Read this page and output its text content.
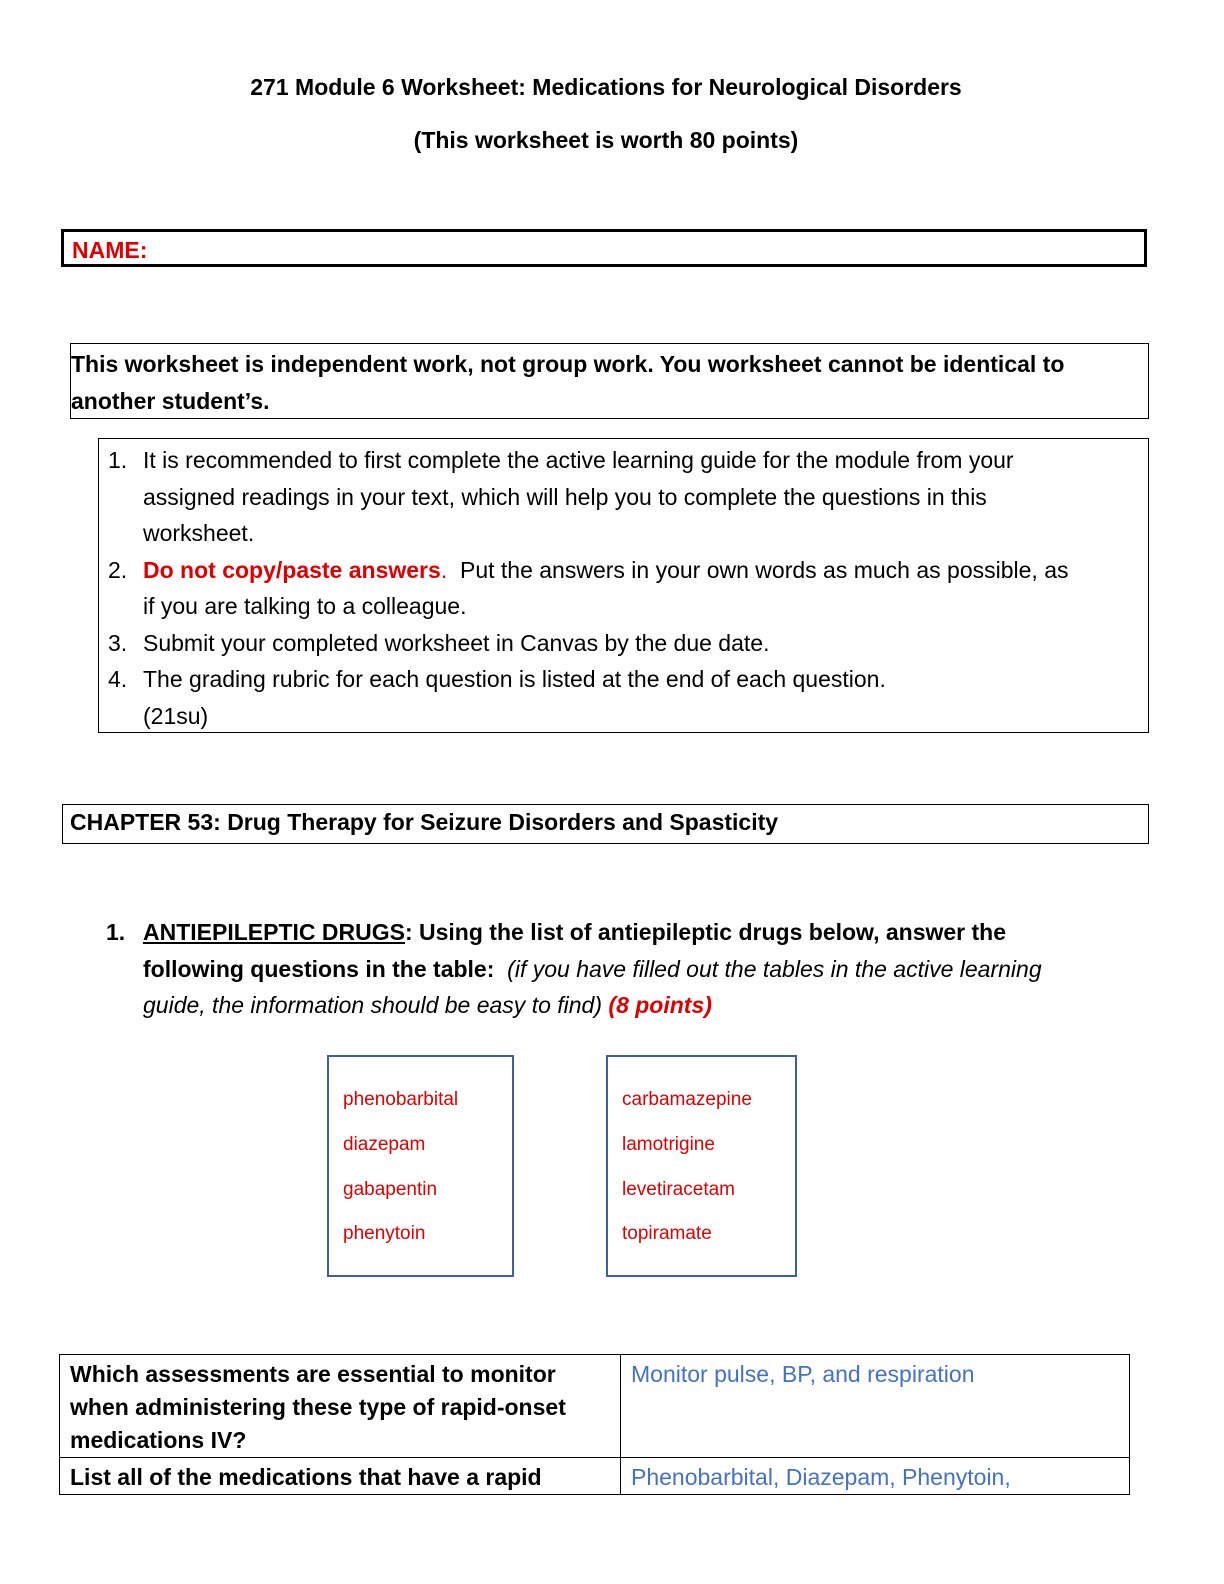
271 Module 6 Worksheet: Medications for Neurological Disorders
(This worksheet is worth 80 points)
NAME:
This worksheet is independent work, not group work. You worksheet cannot be identical to
another student’s.
1. It is recommended to first complete the active learning guide for the module from your
assigned readings in your text, which will help you to complete the questions in this
worksheet.
2. Do not copy/paste answers.  Put the answers in your own words as much as possible, as
if you are talking to a colleague.
3. Submit your completed worksheet in Canvas by the due date.
4. The grading rubric for each question is listed at the end of each question.
(21su)
CHAPTER 53: Drug Therapy for Seizure Disorders and Spasticity
1. ANTIEPILEPTIC DRUGS: Using the list of antiepileptic drugs below, answer the
following questions in the table:  (if you have filled out the tables in the active learning
guide, the information should be easy to find) (8 points)
phenobarbital
diazepam
gabapentin
phenytoin
carbamazepine
lamotrigine
levetiracetam
topiramate
Which assessments are essential to monitor
when administering these type of rapid-onset
medications IV?	Monitor pulse, BP, and respiration

List all of the medications that have a rapid	Phenobarbital, Diazepam, Phenytoin,
